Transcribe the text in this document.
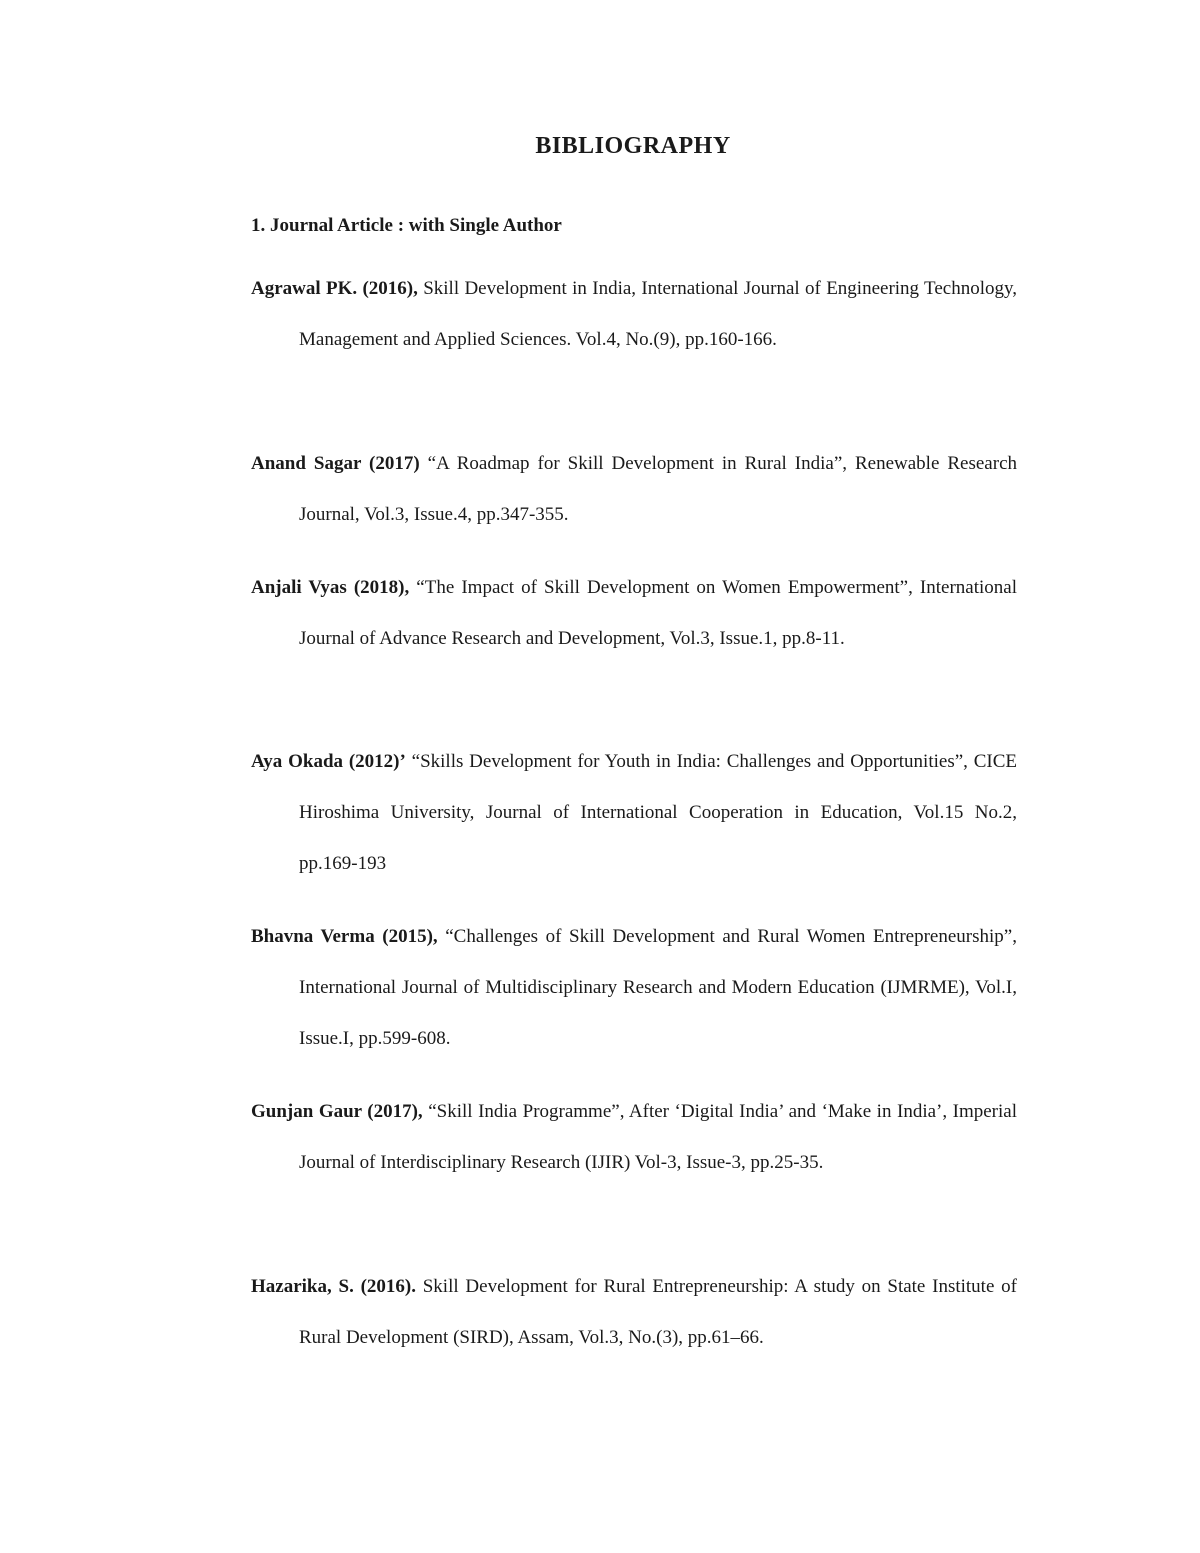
BIBLIOGRAPHY
1. Journal Article : with Single Author

Agrawal PK. (2016), Skill Development in India, International Journal of Engineering Technology, Management and Applied Sciences. Vol.4, No.(9), pp.160-166.

Anand Sagar (2017) “A Roadmap for Skill Development in Rural India”, Renewable Research Journal, Vol.3, Issue.4, pp.347-355.

Anjali Vyas (2018), “The Impact of Skill Development on Women Empowerment”, International Journal of Advance Research and Development, Vol.3, Issue.1, pp.8-11.

Aya Okada (2012)’ “Skills Development for Youth in India: Challenges and Opportunities”, CICE Hiroshima University, Journal of International Cooperation in Education, Vol.15 No.2, pp.169-193

Bhavna Verma (2015), “Challenges of Skill Development and Rural Women Entrepreneurship”, International Journal of Multidisciplinary Research and Modern Education (IJMRME), Vol.I, Issue.I, pp.599-608.

Gunjan Gaur (2017), “Skill India Programme”, After ‘Digital India’ and ‘Make in India’, Imperial Journal of Interdisciplinary Research (IJIR) Vol-3, Issue-3, pp.25-35.

Hazarika, S. (2016). Skill Development for Rural Entrepreneurship: A study on State Institute of Rural Development (SIRD), Assam, Vol.3, No.(3), pp.61–66.
